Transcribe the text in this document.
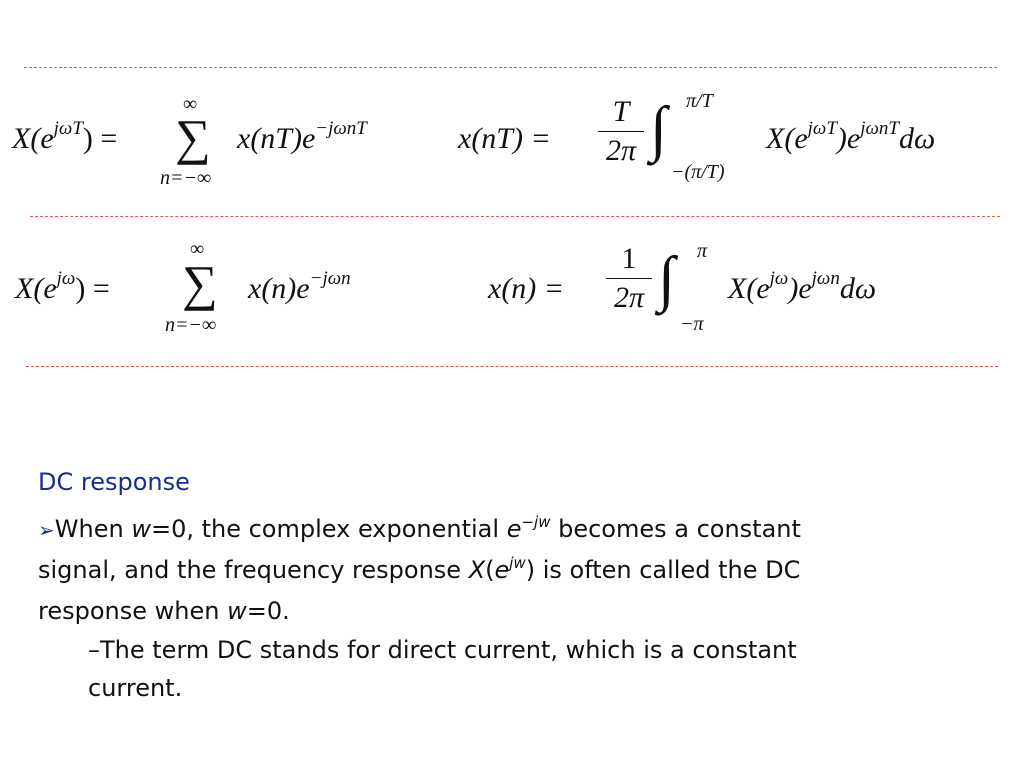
$X(e^{j\omega T})$ =
∞
∑
n=−∞
$x(nT)e^{-j\omega nT}$	x(nT) =
T
2π ∫ π/T
−(π/T)
$X(e^{j\omega T})e^{j\omega nT}d\omega$
$X(e^{j\omega})$ =
∞
∑
n=−∞
$x(n)e^{-j\omega n}$	x(n) =
1
2π ∫ π
−π
$X(e^{j\omega})e^{j\omega n}d\omega$
DC response
➢When w=0, the complex exponential $e^{-jw}$ becomes a constant
signal, and the frequency response $X(e^{jw})$ is often called the DC
response when w=0.
–The term DC stands for direct current, which is a constant
current.
